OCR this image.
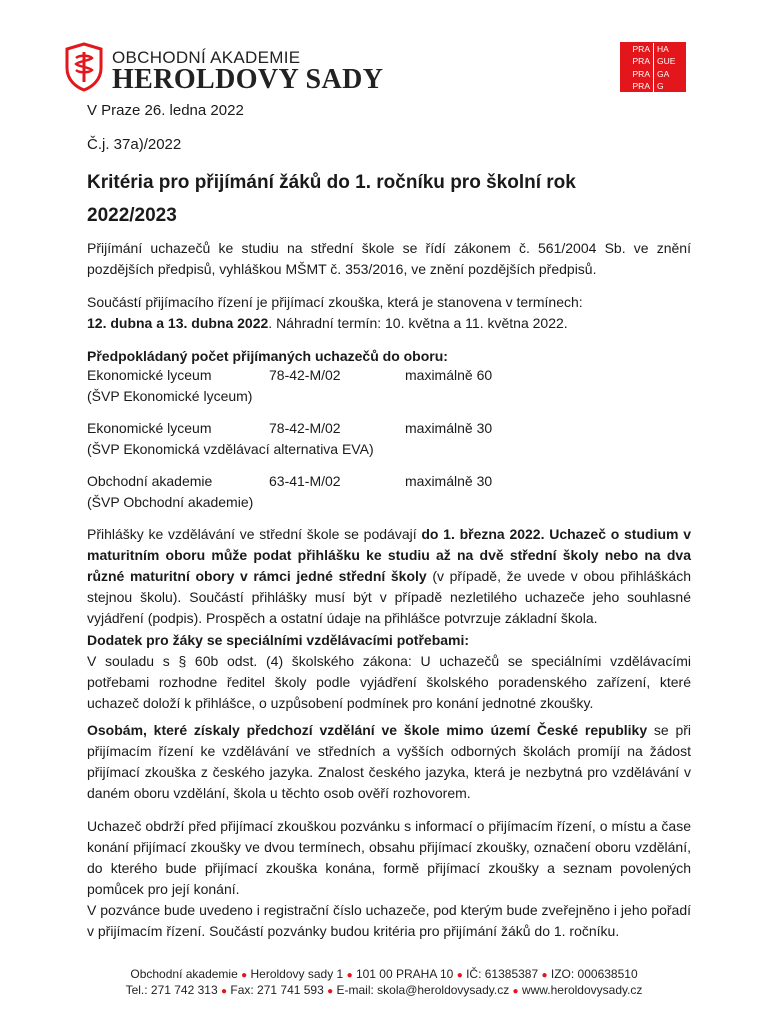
OBCHODNÍ AKADEMIE
HEROLDOVY SADY
PRA HA
PRA GUE
PRA GA
PRA G
V Praze 26. ledna 2022
Č.j. 37a)/2022
Kritéria pro přijímání žáků do 1. ročníku pro školní rok
2022/2023

Přijímání uchazečů ke studiu na střední škole se řídí zákonem č. 561/2004 Sb. ve znění pozdějších předpisů, vyhláškou MŠMT č. 353/2016, ve znění pozdějších předpisů.

Součástí přijímacího řízení je přijímací zkouška, která je stanovena v termínech:
12. dubna a 13. dubna 2022. Náhradní termín: 10. května a 11. května 2022.

Předpokládaný počet přijímaných uchazečů do oboru:
Ekonomické lyceum	78-42-M/02	maximálně 60
(ŠVP Ekonomické lyceum)
Ekonomické lyceum	78-42-M/02	maximálně 30
(ŠVP Ekonomická vzdělávací alternativa EVA)
Obchodní akademie	63-41-M/02	maximálně 30
(ŠVP Obchodní akademie)

Přihlášky ke vzdělávání ve střední škole se podávají do 1. března 2022. Uchazeč o studium v maturitním oboru může podat přihlášku ke studiu až na dvě střední školy nebo na dva různé maturitní obory v rámci jedné střední školy (v případě, že uvede v obou přihláškách stejnou školu). Součástí přihlášky musí být v případě nezletilého uchazeče jeho souhlasné vyjádření (podpis). Prospěch a ostatní údaje na přihlášce potvrzuje základní škola.

Dodatek pro žáky se speciálními vzdělávacími potřebami:
V souladu s § 60b odst. (4) školského zákona: U uchazečů se speciálními vzdělávacími potřebami rozhodne ředitel školy podle vyjádření školského poradenského zařízení, které uchazeč doloží k přihlášce, o uzpůsobení podmínek pro konání jednotné zkoušky.

Osobám, které získaly předchozí vzdělání ve škole mimo území České republiky se při přijímacím řízení ke vzdělávání ve středních a vyšších odborných školách promíjí na žádost přijímací zkouška z českého jazyka. Znalost českého jazyka, která je nezbytná pro vzdělávání v daném oboru vzdělání, škola u těchto osob ověří rozhovorem.

Uchazeč obdrží před přijímací zkouškou pozvánku s informací o přijímacím řízení, o místu a čase konání přijímací zkoušky ve dvou termínech, obsahu přijímací zkoušky, označení oboru vzdělání, do kterého bude přijímací zkouška konána, formě přijímací zkoušky a seznam povolených pomůcek pro její konání.
V pozvánce bude uvedeno i registrační číslo uchazeče, pod kterým bude zveřejněno i jeho pořadí v přijímacím řízení. Součástí pozvánky budou kritéria pro přijímání žáků do 1. ročníku.

Obchodní akademie ● Heroldovy sady 1 ● 101 00 PRAHA 10 ● IČ: 61385387 ● IZO: 000638510
Tel.: 271 742 313 ● Fax: 271 741 593 ● E-mail: skola@heroldovysady.cz ● www.heroldovysady.cz
